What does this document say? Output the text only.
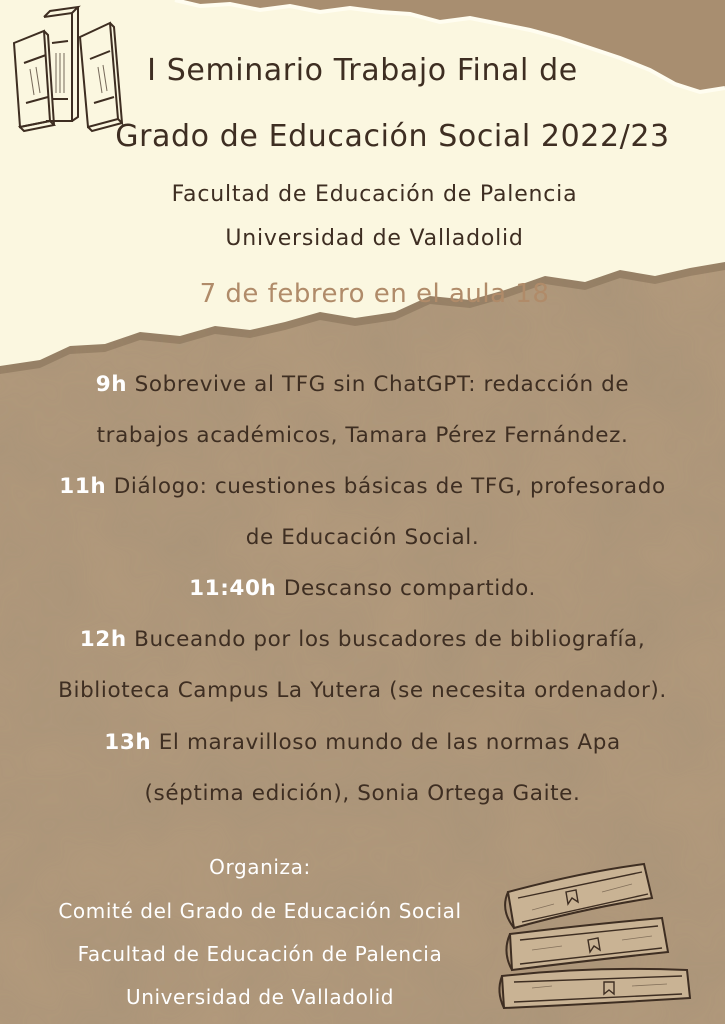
I Seminario Trabajo Final de
Grado de Educación Social 2022/23
Facultad de Educación de Palencia
Universidad de Valladolid
7 de febrero en el aula 18
9h Sobrevive al TFG sin ChatGPT: redacción de
trabajos académicos, Tamara Pérez Fernández.
11h Diálogo: cuestiones básicas de TFG, profesorado
de Educación Social.
11:40h Descanso compartido.
12h Buceando por los buscadores de bibliografía,
Biblioteca Campus La Yutera (se necesita ordenador).
13h El maravilloso mundo de las normas Apa
(séptima edición), Sonia Ortega Gaite.
Organiza:
Comité del Grado de Educación Social
Facultad de Educación de Palencia
Universidad de Valladolid
